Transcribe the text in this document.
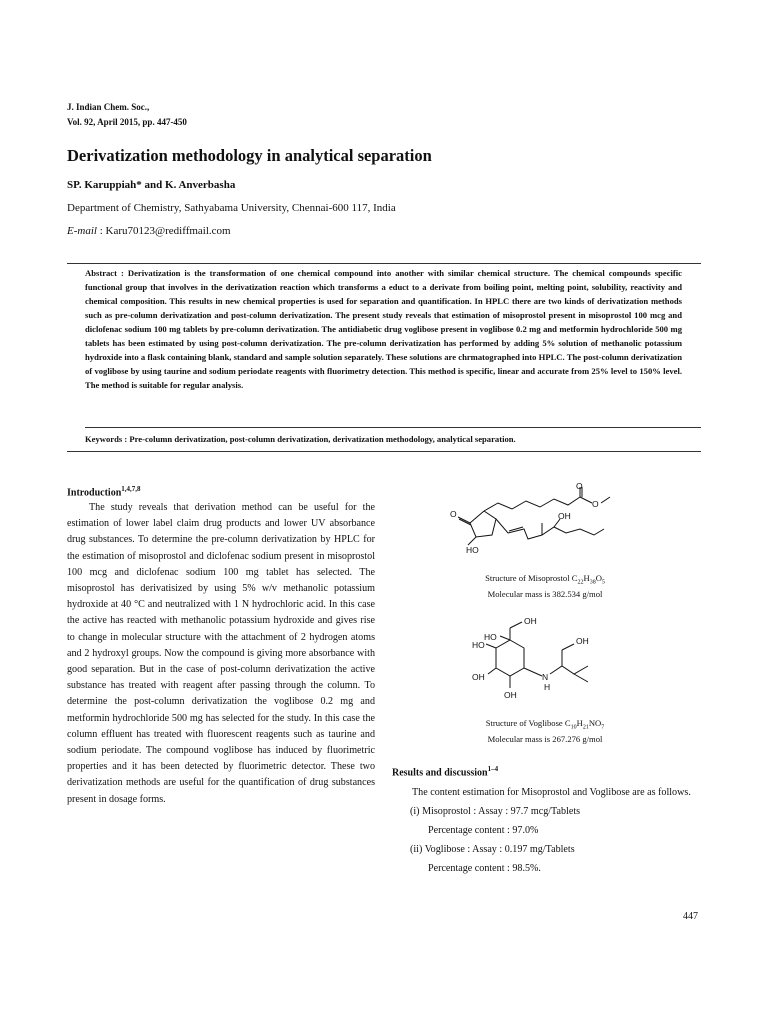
J. Indian Chem. Soc.,
Vol. 92, April 2015, pp. 447-450
Derivatization methodology in analytical separation
SP. Karuppiah* and K. Anverbasha
Department of Chemistry, Sathyabama University, Chennai-600 117, India
E-mail : Karu70123@rediffmail.com
Abstract : Derivatization is the transformation of one chemical compound into another with similar chemical structure. The chemical compounds specific functional group that involves in the derivatization reaction which transforms a educt to a derivate from boiling point, melting point, solubility, reactivity and chemical composition. This results in new chemical properties is used for separation and quantification. In HPLC there are two kinds of derivatization methods such as pre-column derivatization and post-column derivatization. The present study reveals that estimation of misoprostol present in misoprostol 100 mcg and diclofenac sodium 100 mg tablets by pre-column derivatization. The antidiabetic drug voglibose present in voglibose 0.2 mg and metformin hydrochloride 500 mg tablets has been estimated by using post-column derivatization. The pre-column derivatization has performed by adding 5% solution of methanolic potassium hydroxide into a flask containing blank, standard and sample solution separately. These solutions are chrmatographed into HPLC. The post-column derivatization of voglibose by using taurine and sodium periodate reagents with fluorimetry detection. This method is specific, linear and accurate from 25% level to 150% level. The method is suitable for regular analysis.
Keywords : Pre-column derivatization, post-column derivatization, derivatization methodology, analytical separation.
Introduction$^{1,4,7,8}$

The study reveals that derivation method can be useful for the estimation of lower label claim drug products and lower UV absorbance drug substances. To determine the pre-column derivatization by HPLC for the estimation of misoprostol and diclofenac sodium present in misoprostol 100 mcg and diclofenac sodium 100 mg tablet has selected. The misoprostol has derivatisized by using 5% w/v methanolic potassium hydroxide at 40 °C and neutralized with 1 N hydrochloric acid. In this case the active has reacted with methanolic potassium hydroxide and gives rise to change in molecular structure with the attachment of 2 hydrogen atoms and 2 hydroxyl groups. Now the compound is giving more absorbance with good separation. But in the case of post-column derivatization the active substance has treated with reagent after passing through the column. To determine the post-column derivatization the voglibose 0.2 mg and metformin hydrochloride 500 mg has selected for the study. In this case the column effluent has treated with fluorescent reagents such as taurine and sodium periodate. The compound voglibose has induced by fluorimetric properties and it has been detected by fluorimetric detector. These two derivatization methods are useful for the quantification of drug substances present in dosage forms.

O
O
O
OH
HO
Structure of Misoprostol $C_{22}H_{38}O_5$
Molecular mass is 382.534 g/mol
OH
HO
HO
OH
OH
N
H
OH
Structure of Voglibose $C_{10}H_{21}NO_7$
Molecular mass is 267.276 g/mol
Results and discussion$^{1-4}$
The content estimation for Misoprostol and Voglibose are as follows.
(i) Misoprostol : Assay : 97.7 mcg/Tablets
Percentage content : 97.0%
(ii) Voglibose : Assay : 0.197 mg/Tablets
Percentage content : 98.5%.
447
